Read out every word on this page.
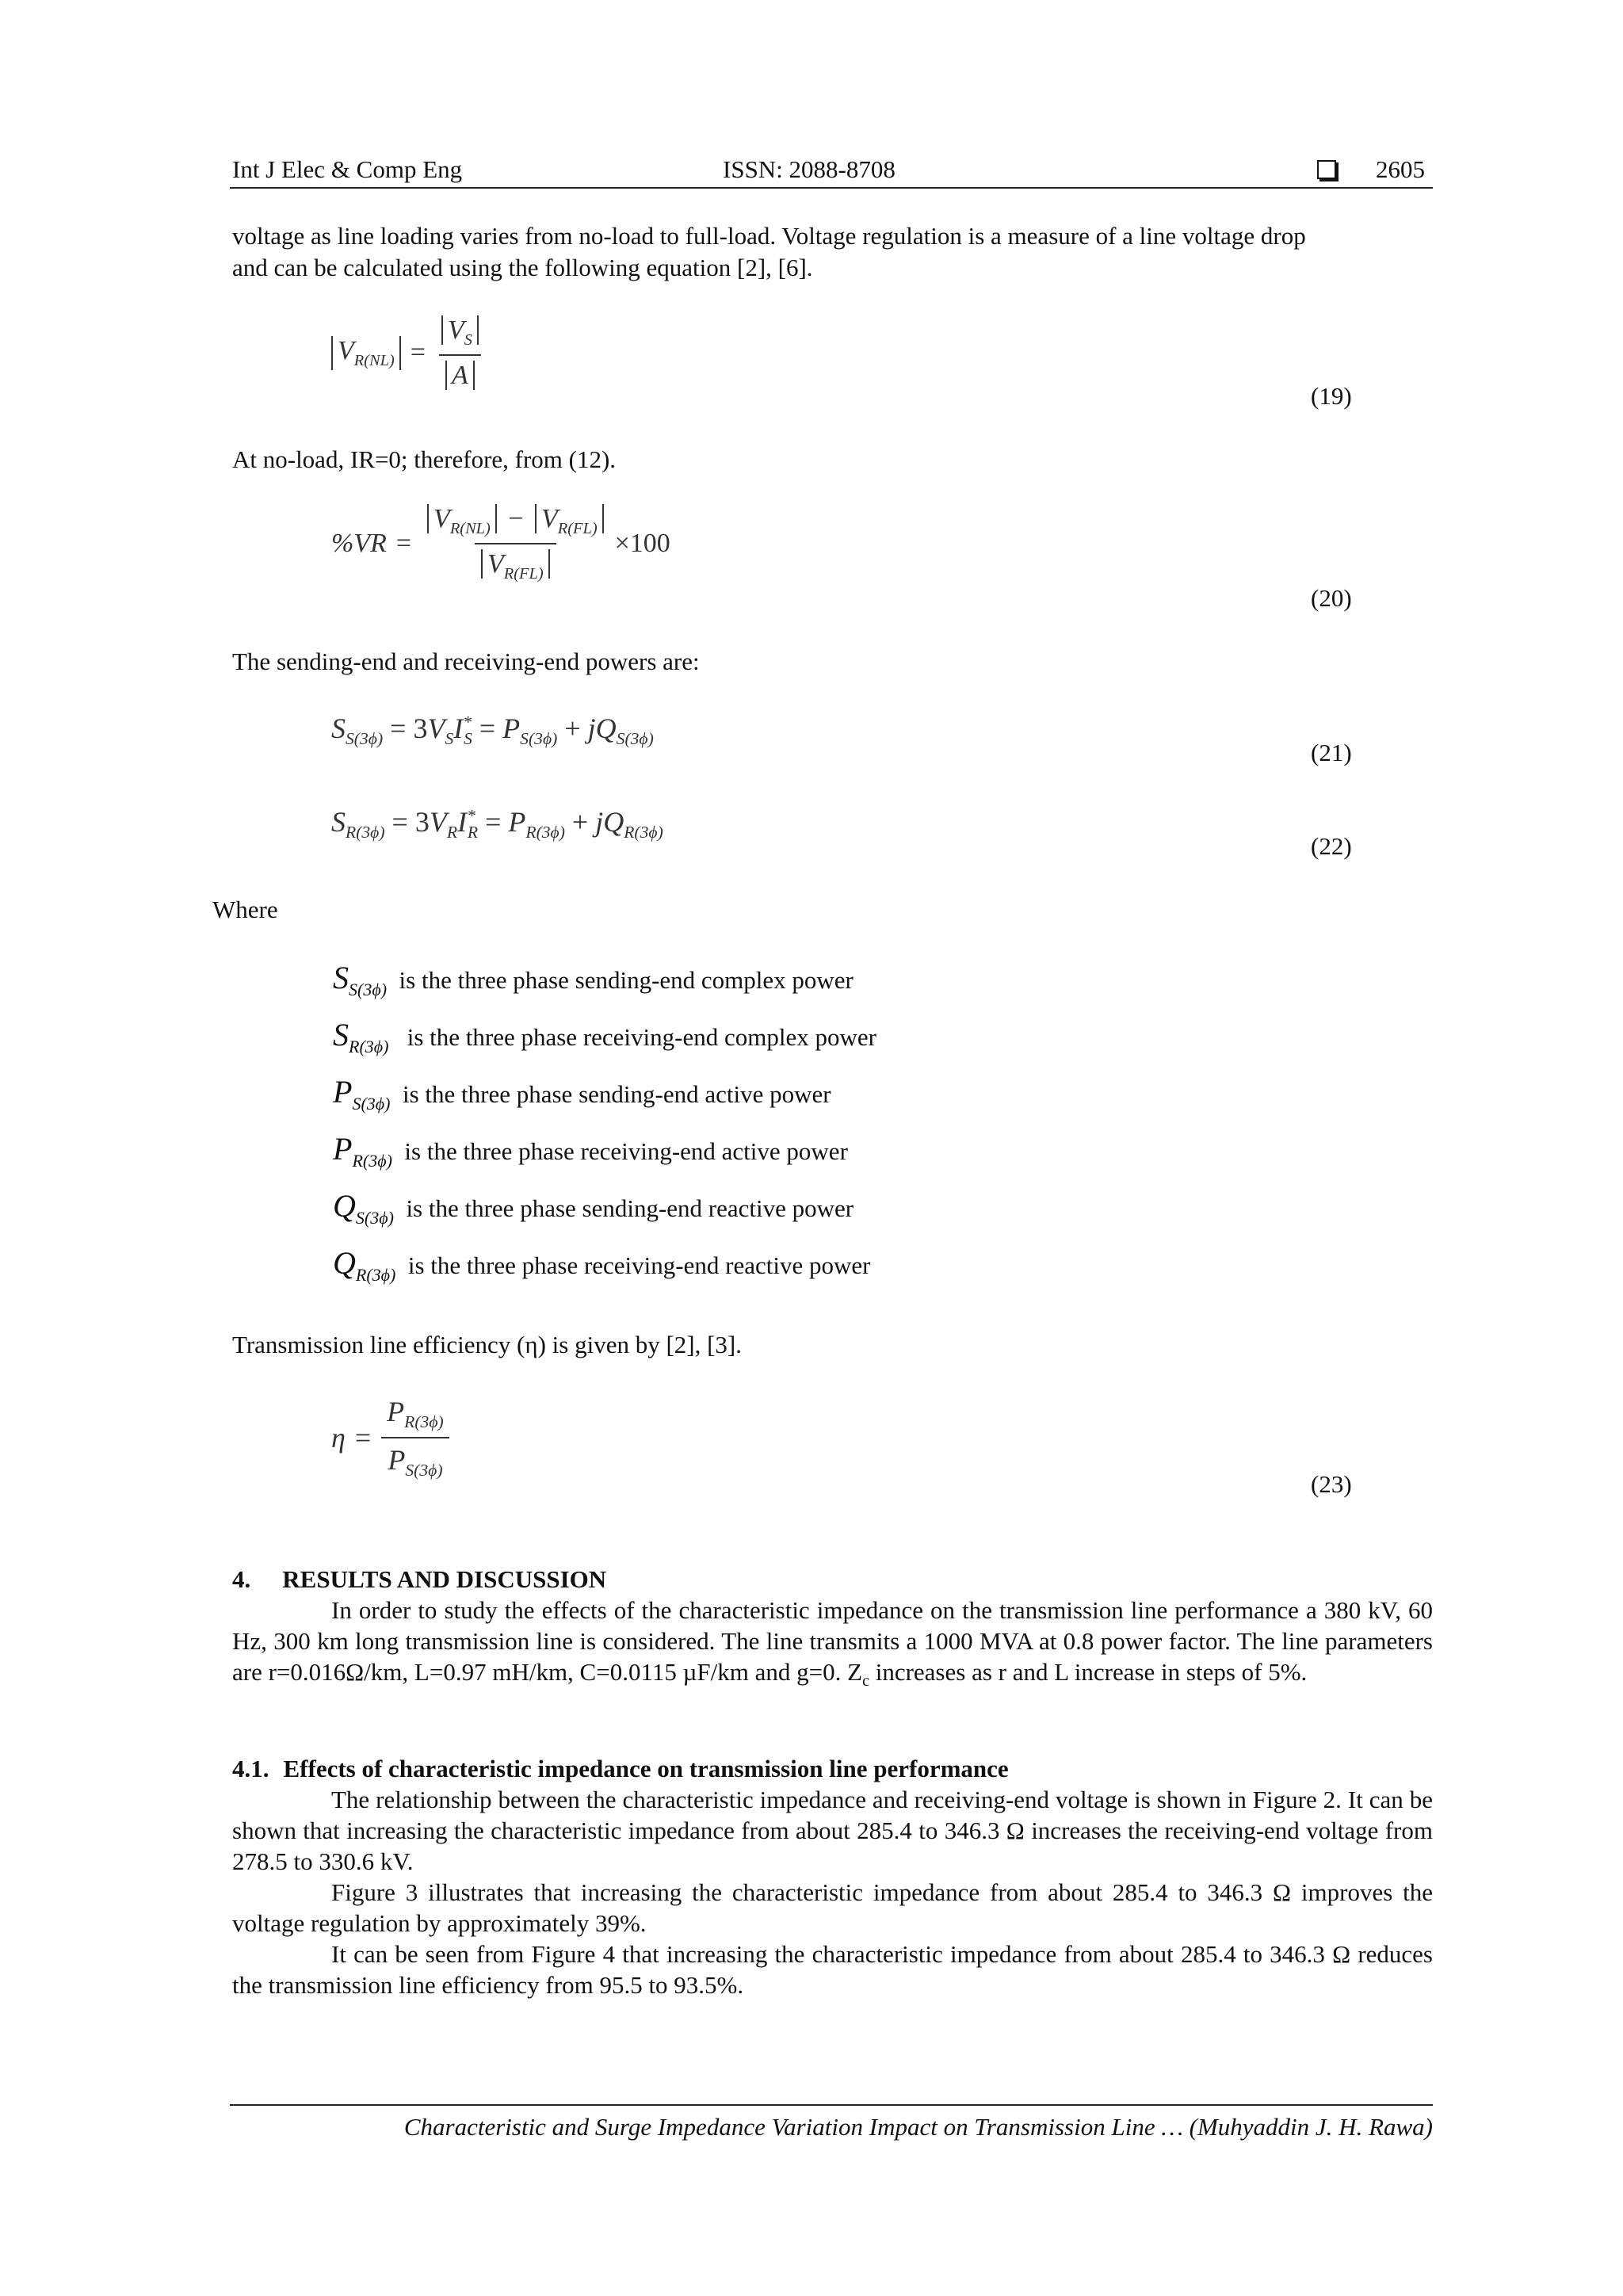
Int J Elec & Comp Eng	ISSN: 2088-8708	2605
voltage as line loading varies from no-load to full-load. Voltage regulation is a measure of a line voltage drop
and can be calculated using the following equation [2], [6].
$V_{R(NL)} = \frac{V_S}{A}$
(19)
At no-load, IR=0; therefore, from (12).
$\%VR = \frac{V_{R(NL)} - V_{R(FL)}}{V_{R(FL)}} \times 100$
(20)
The sending-end and receiving-end powers are:
$S_{S(3\phi)} = 3V_SI^*_S = P_{S(3\phi)} + jQ_{S(3\phi)}$	(21)
$S_{R(3\phi)} = 3V_RI^*_R = P_{R(3\phi)} + jQ_{R(3\phi)}$	(22)
Where
$S_{S(3\phi)}$ is the three phase sending-end complex power
$S_{R(3\phi)}$ is the three phase receiving-end complex power
$P_{S(3\phi)}$ is the three phase sending-end active power
$P_{R(3\phi)}$ is the three phase receiving-end active power
$Q_{S(3\phi)}$ is the three phase sending-end reactive power
$Q_{R(3\phi)}$ is the three phase receiving-end reactive power
Transmission line efficiency (η) is given by [2], [3].
$\eta = \frac{P_{R(3\phi)}}{P_{S(3\phi)}}$
(23)
4. RESULTS AND DISCUSSION
In order to study the effects of the characteristic impedance on the transmission line performance a 380 kV, 60 Hz, 300 km long transmission line is considered. The line transmits a 1000 MVA at 0.8 power factor. The line parameters are r=0.016Ω/km, L=0.97 mH/km, C=0.0115 µF/km and g=0. $Z_c$ increases as r and L increase in steps of 5%.
4.1. Effects of characteristic impedance on transmission line performance
The relationship between the characteristic impedance and receiving-end voltage is shown in Figure 2. It can be shown that increasing the characteristic impedance from about 285.4 to 346.3 Ω increases the receiving-end voltage from 278.5 to 330.6 kV.
Figure 3 illustrates that increasing the characteristic impedance from about 285.4 to 346.3 Ω improves the voltage regulation by approximately 39%.
It can be seen from Figure 4 that increasing the characteristic impedance from about 285.4 to 346.3 Ω reduces the transmission line efficiency from 95.5 to 93.5%.
Characteristic and Surge Impedance Variation Impact on Transmission Line … (Muhyaddin J. H. Rawa)
